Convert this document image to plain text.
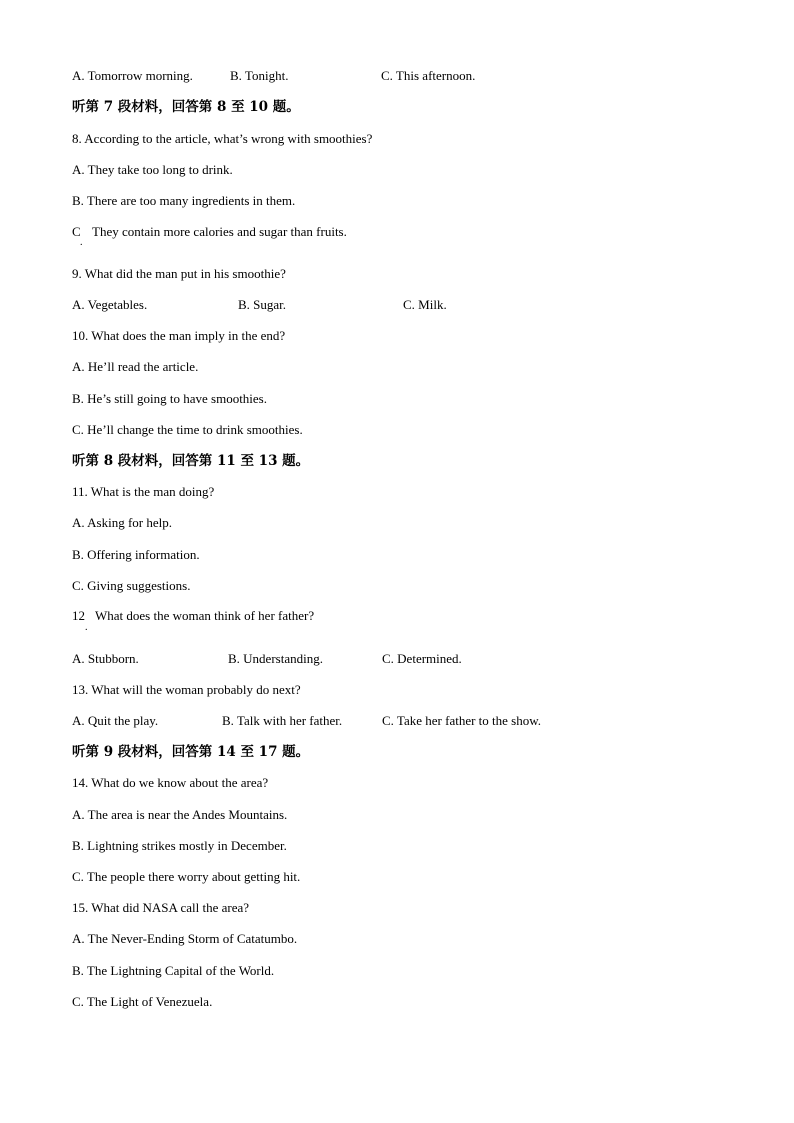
A. Tomorrow morning.	B. Tonight.	C. This afternoon.
听第 7 段材料，回答第 8 至 10 题。
8. According to the article, what’s wrong with smoothies?
A. They take too long to drink.
B. There are too many ingredients in them.
C They contain more calories and sugar than fruits.
.
9. What did the man put in his smoothie?
A. Vegetables.	B. Sugar.	C. Milk.
10. What does the man imply in the end?
A. He’ll read the article.
B. He’s still going to have smoothies.
C. He’ll change the time to drink smoothies.
听第 8 段材料，回答第 11 至 13 题。
11. What is the man doing?
A. Asking for help.
B. Offering information.
C. Giving suggestions.
12 What does the woman think of her father?
.
A. Stubborn.	B. Understanding.	C. Determined.
13. What will the woman probably do next?
A. Quit the play.	B. Talk with her father.	C. Take her father to the show.
听第 9 段材料，回答第 14 至 17 题。
14. What do we know about the area?
A. The area is near the Andes Mountains.
B. Lightning strikes mostly in December.
C. The people there worry about getting hit.
15. What did NASA call the area?
A. The Never-Ending Storm of Catatumbo.
B. The Lightning Capital of the World.
C. The Light of Venezuela.
